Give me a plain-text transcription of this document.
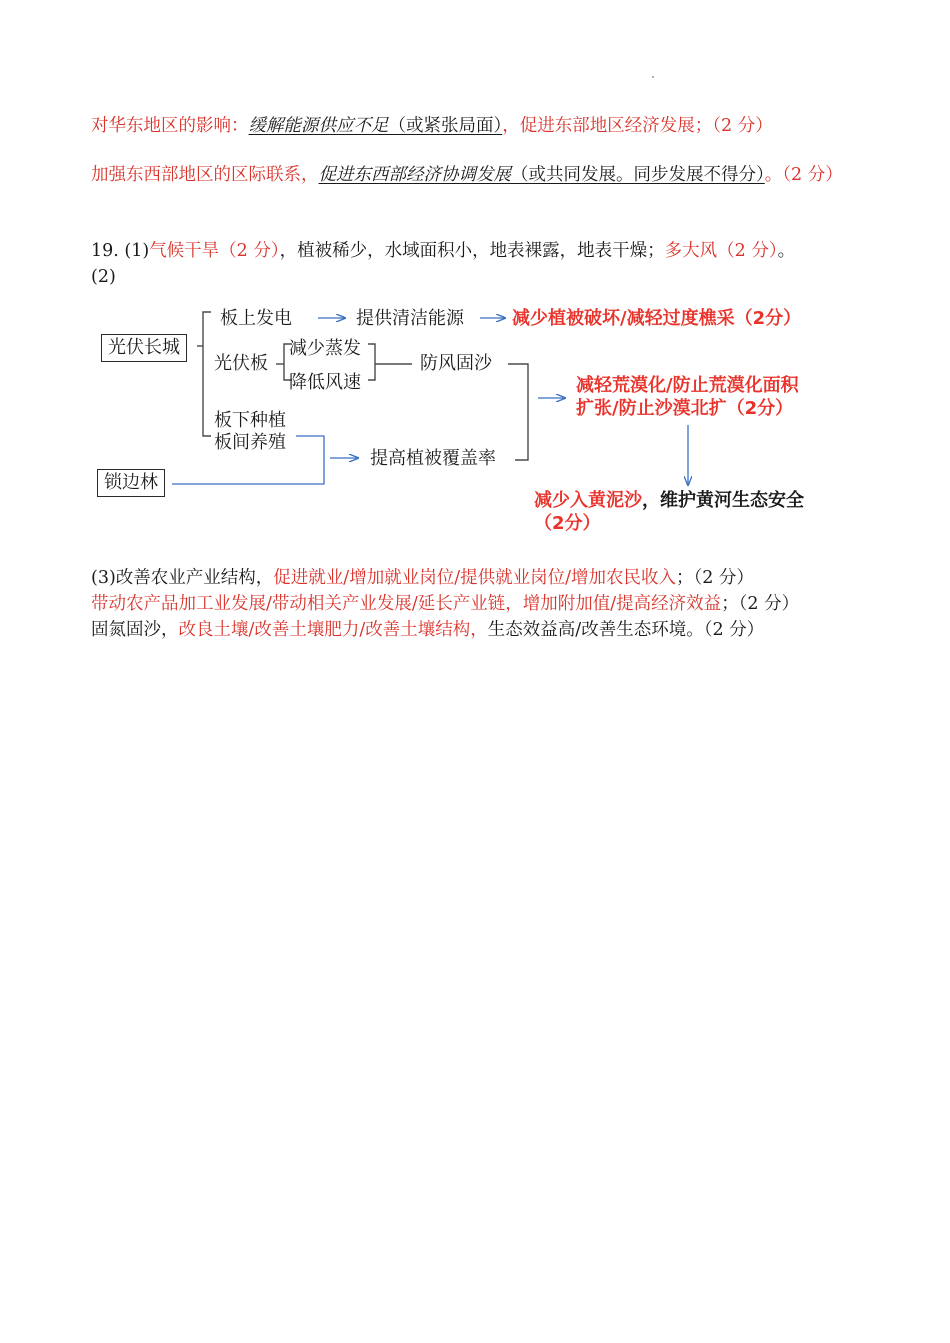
对华东地区的影响：缓解能源供应不足（或紧张局面），促进东部地区经济发展；（2 分）
加强东西部地区的区际联系，促进东西部经济协调发展（或共同发展。同步发展不得分）。（2 分）
19. (1)气候干旱（2 分），植被稀少，水域面积小，地表裸露，地表干燥；多大风（2 分）。
(2)
光伏长城
锁边林
板上发电	提供清洁能源	减少植被破坏/减轻过度樵采（2分）
光伏板
减少蒸发
降低风速
防风固沙
板下种植
板间养殖
提高植被覆盖率
减轻荒漠化/防止荒漠化面积
扩张/防止沙漠北扩（2分）
减少入黄泥沙，维护黄河生态安全
（2分）
(3)改善农业产业结构，促进就业/增加就业岗位/提供就业岗位/增加农民收入；（2 分）
带动农产品加工业发展/带动相关产业发展/延长产业链，增加附加值/提高经济效益；（2 分）
固氮固沙，改良土壤/改善土壤肥力/改善土壤结构，生态效益高/改善生态环境。（2 分）
